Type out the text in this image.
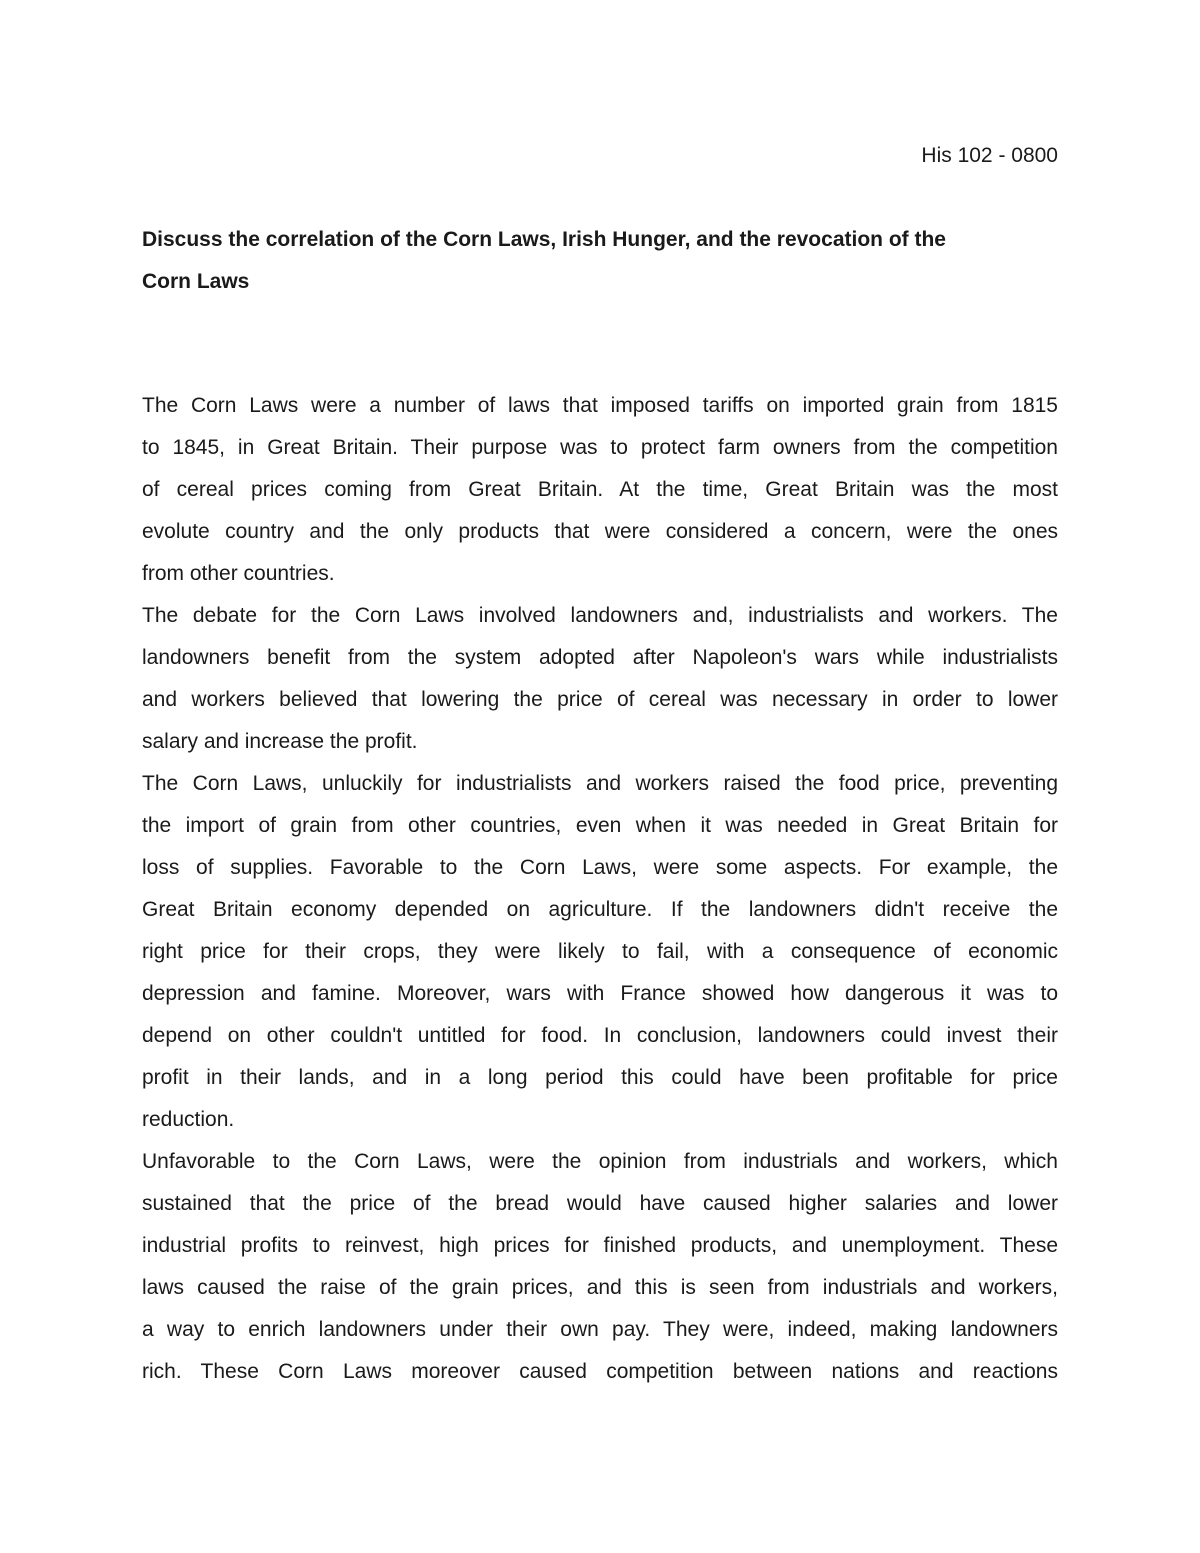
His 102 - 0800
Discuss the correlation of the Corn Laws, Irish Hunger, and the revocation of the
Corn Laws
The Corn Laws were a number of laws that imposed tariffs on imported grain from 1815
to 1845, in Great Britain. Their purpose was to protect farm owners from the competition
of cereal prices coming from Great Britain. At the time, Great Britain was the most
evolute country and the only products that were considered a concern, were the ones
from other countries.
The debate for the Corn Laws involved landowners and, industrialists and workers. The
landowners benefit from the system adopted after Napoleon's wars while industrialists
and workers believed that lowering the price of cereal was necessary in order to lower
salary and increase the profit.
The Corn Laws, unluckily for industrialists and workers raised the food price, preventing
the import of grain from other countries, even when it was needed in Great Britain for
loss of supplies. Favorable to the Corn Laws, were some aspects. For example, the
Great Britain economy depended on agriculture. If the landowners didn't receive the
right price for their crops, they were likely to fail, with a consequence of economic
depression and famine. Moreover, wars with France showed how dangerous it was to
depend on other couldn't untitled for food. In conclusion, landowners could invest their
profit in their lands, and in a long period this could have been profitable for price
reduction.
Unfavorable to the Corn Laws, were the opinion from industrials and workers, which
sustained that the price of the bread would have caused higher salaries and lower
industrial profits to reinvest, high prices for finished products, and unemployment. These
laws caused the raise of the grain prices, and this is seen from industrials and workers,
a way to enrich landowners under their own pay. They were, indeed, making landowners
rich. These Corn Laws moreover caused competition between nations and reactions
